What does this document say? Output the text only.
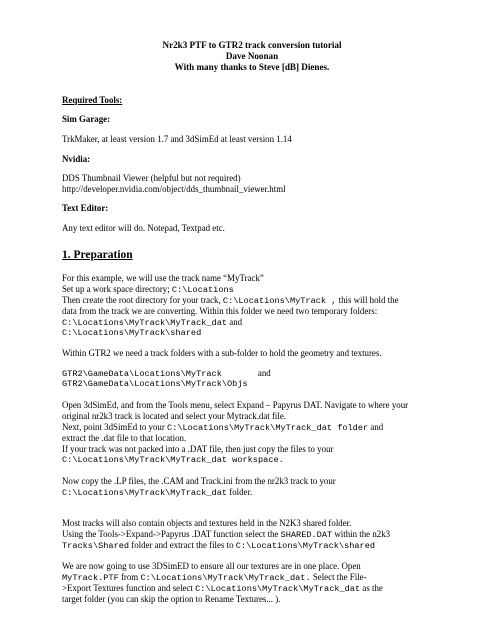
Nr2k3 PTF to GTR2 track conversion tutorial
Dave Noonan
With many thanks to Steve [dB] Dienes.
Required Tools:
Sim Garage:
TrkMaker, at least version 1.7 and 3dSimEd at least version 1.14
Nvidia:
DDS Thumbnail Viewer (helpful but not required)
http://developer.nvidia.com/object/dds_thumbnail_viewer.html
Text Editor:
Any text editor will do. Notepad, Textpad etc.
1. Preparation
For this example, we will use the track name “MyTrack”
Set up a work space directory; C:\Locations
Then create the root directory for your track, C:\Locations\MyTrack , this will hold the
data from the track we are converting. Within this folder we need two temporary folders:
C:\Locations\MyTrack\MyTrack_dat and
C:\Locations\MyTrack\shared
Within GTR2 we need a track folders with a sub-folder to hold the geometry and textures.
GTR2\GameData\Locations\MyTrack	and
GTR2\GameData\Locations\MyTrack\Objs
Open 3dSimEd, and from the Tools menu, select Expand – Papyrus DAT. Navigate to where your
original nr2k3 track is located and select your Mytrack.dat file.
Next, point 3dSimEd to your C:\Locations\MyTrack\MyTrack_dat folder and
extract the .dat file to that location.
If your track was not packed into a .DAT file, then just copy the files to your
C:\Locations\MyTrack\MyTrack_dat workspace.
Now copy the .LP files, the .CAM and Track.ini from the nr2k3 track to your
C:\Locations\MyTrack\MyTrack_dat folder.
Most tracks will also contain objects and textures held in the N2K3 shared folder.
Using the Tools->Expand->Papyrus .DAT function select the SHARED.DAT within the n2k3
Tracks\Shared folder and extract the files to C:\Locations\MyTrack\shared
We are now going to use 3DSimED to ensure all our textures are in one place. Open
MyTrack.PTF from C:\Locations\MyTrack\MyTrack_dat. Select the File-
>Export Textures function and select C:\Locations\MyTrack\MyTrack_dat as the
target folder (you can skip the option to Rename Textures... ).
